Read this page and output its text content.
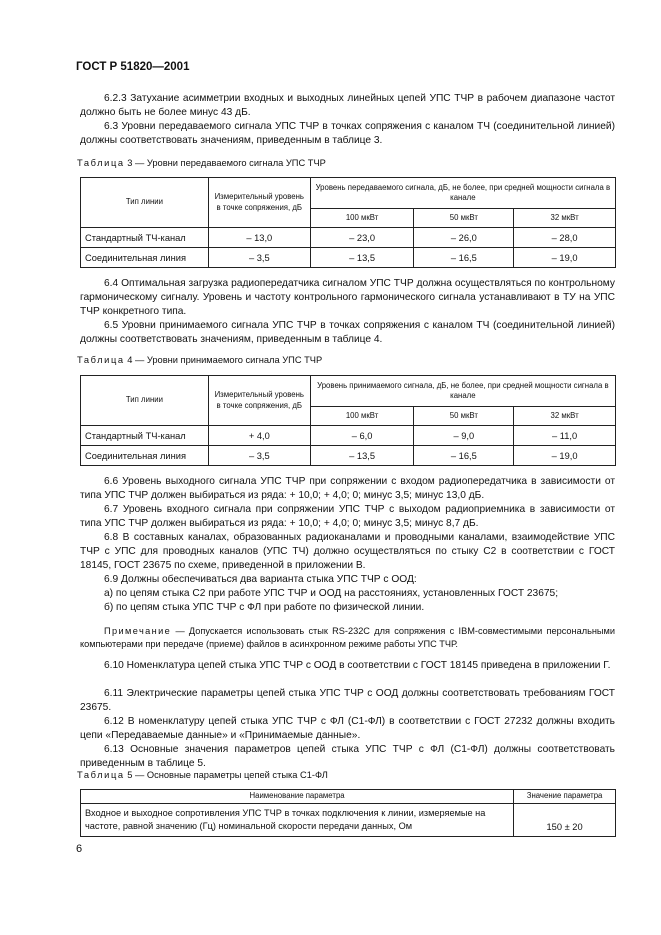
ГОСТ Р 51820—2001
6.2.3 Затухание асимметрии входных и выходных линейных цепей УПС ТЧР в рабочем диапазоне частот должно быть не более минус 43 дБ.
6.3 Уровни передаваемого сигнала УПС ТЧР в точках сопряжения с каналом ТЧ (соединительной линией) должны соответствовать значениям, приведенным в таблице 3.
Таблица 3 — Уровни передаваемого сигнала УПС ТЧР
Тип линии	Измерительный уровень в точке сопряжения, дБ	Уровень передаваемого сигнала, дБ, не более, при средней мощности сигнала в канале		
		100 мкВт	50 мкВт	32 мкВт
Стандартный ТЧ-канал	– 13,0	– 23,0	– 26,0	– 28,0
Соединительная линия	– 3,5	– 13,5	– 16,5	– 19,0
6.4 Оптимальная загрузка радиопередатчика сигналом УПС ТЧР должна осуществляться по контрольному гармоническому сигналу. Уровень и частоту контрольного гармонического сигнала устанавливают в ТУ на УПС ТЧР конкретного типа.
6.5 Уровни принимаемого сигнала УПС ТЧР в точках сопряжения с каналом ТЧ (соединительной линией) должны соответствовать значениям, приведенным в таблице 4.
Таблица 4 — Уровни принимаемого сигнала УПС ТЧР
Тип линии	Измерительный уровень в точке сопряжения, дБ	Уровень принимаемого сигнала, дБ, не более, при средней мощности сигнала в канале		
		100 мкВт	50 мкВт	32 мкВт
Стандартный ТЧ-канал	+ 4,0	– 6,0	– 9,0	– 11,0
Соединительная линия	– 3,5	– 13,5	– 16,5	– 19,0
6.6 Уровень выходного сигнала УПС ТЧР при сопряжении с входом радиопередатчика в зависимости от типа УПС ТЧР должен выбираться из ряда: + 10,0; + 4,0; 0; минус 3,5; минус 13,0 дБ.
6.7 Уровень входного сигнала при сопряжении УПС ТЧР с выходом радиоприемника в зависимости от типа УПС ТЧР должен выбираться из ряда: + 10,0; + 4,0; 0; минус 3,5; минус 8,7 дБ.
6.8 В составных каналах, образованных радиоканалами и проводными каналами, взаимодействие УПС ТЧР с УПС для проводных каналов (УПС ТЧ) должно осуществляться по стыку С2 в соответствии с ГОСТ 18145, ГОСТ 23675 по схеме, приведенной в приложении В.
6.9 Должны обеспечиваться два варианта стыка УПС ТЧР с ООД:
а) по цепям стыка С2 при работе УПС ТЧР и ООД на расстояниях, установленных ГОСТ 23675;
б) по цепям стыка УПС ТЧР с ФЛ при работе по физической линии.
Примечание — Допускается использовать стык RS-232C для сопряжения с IBM-совместимыми персональными компьютерами при передаче (приеме) файлов в асинхронном режиме работы УПС ТЧР.
6.10 Номенклатура цепей стыка УПС ТЧР с ООД в соответствии с ГОСТ 18145 приведена в приложении Г.
6.11 Электрические параметры цепей стыка УПС ТЧР с ООД должны соответствовать требованиям ГОСТ 23675.
6.12 В номенклатуру цепей стыка УПС ТЧР с ФЛ (С1-ФЛ) в соответствии с ГОСТ 27232 должны входить цепи «Передаваемые данные» и «Принимаемые данные».
6.13 Основные значения параметров цепей стыка УПС ТЧР с ФЛ (С1-ФЛ) должны соответствовать приведенным в таблице 5.
Таблица 5 — Основные параметры цепей стыка С1-ФЛ
Наименование параметра	Значение параметра
Входное и выходное сопротивления УПС ТЧР в точках подключения к линии, измеряемые на частоте, равной значению (Гц) номинальной скорости передачи данных, Ом	150 ± 20
6
